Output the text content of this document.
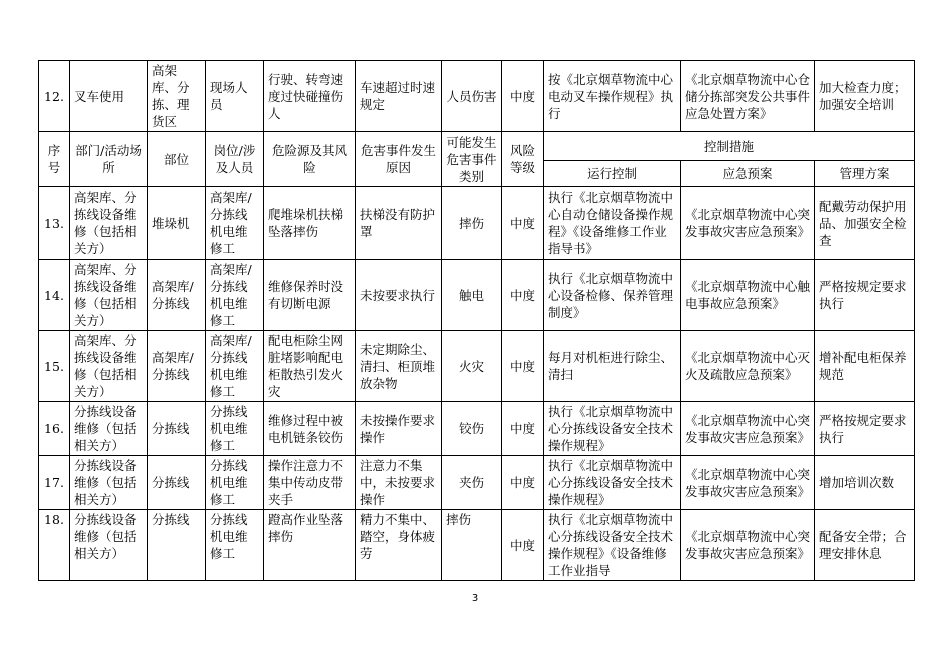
12.	叉车使用	高架库、分拣、理货区	现场人员	行驶、转弯速度过快碰撞伤人	车速超过时速规定	人员伤害	中度	按《北京烟草物流中心电动叉车操作规程》执行	《北京烟草物流中心仓储分拣部突发公共事件应急处置方案》	加大检查力度；加强安全培训
序号	部门/活动场所	部位	岗位/涉及人员	危险源及其风险	危害事件发生原因	可能发生危害事件类别	风险等级	控制措施		
								运行控制	应急预案	管理方案
13.	高架库、分拣线设备维修（包括相关方）	堆垛机	高架库/分拣线机电维修工	爬堆垛机扶梯坠落摔伤	扶梯没有防护罩	摔伤	中度	执行《北京烟草物流中心自动仓储设备操作规程》《设备维修工作业指导书》	《北京烟草物流中心突发事故灾害应急预案》	配戴劳动保护用品、加强安全检查
14.	高架库、分拣线设备维修（包括相关方）	高架库/分拣线	高架库/分拣线机电维修工	维修保养时没有切断电源	未按要求执行	触电	中度	执行《北京烟草物流中心设备检修、保养管理制度》	《北京烟草物流中心触电事故应急预案》	严格按规定要求执行
15.	高架库、分拣线设备维修（包括相关方）	高架库/分拣线	高架库/分拣线机电维修工	配电柜除尘网脏堵影响配电柜散热引发火灾	未定期除尘、清扫、柜顶堆放杂物	火灾	中度	每月对机柜进行除尘、清扫	《北京烟草物流中心灭火及疏散应急预案》	增补配电柜保养规范
16.	分拣线设备维修（包括相关方）	分拣线	分拣线机电维修工	维修过程中被电机链条铰伤	未按操作要求操作	铰伤	中度	执行《北京烟草物流中心分拣线设备安全技术操作规程》	《北京烟草物流中心突发事故灾害应急预案》	严格按规定要求执行
17.	分拣线设备维修（包括相关方）	分拣线	分拣线机电维修工	操作注意力不集中传动皮带夹手	注意力不集中，未按要求操作	夹伤	中度	执行《北京烟草物流中心分拣线设备安全技术操作规程》	《北京烟草物流中心突发事故灾害应急预案》	增加培训次数
18.	分拣线设备维修（包括相关方）	分拣线	分拣线机电维修工	蹬高作业坠落摔伤	精力不集中、踏空，身体疲劳	摔伤	中度	执行《北京烟草物流中心分拣线设备安全技术操作规程》《设备维修工作业指导	《北京烟草物流中心突发事故灾害应急预案》	配备安全带；合理安排休息
3
